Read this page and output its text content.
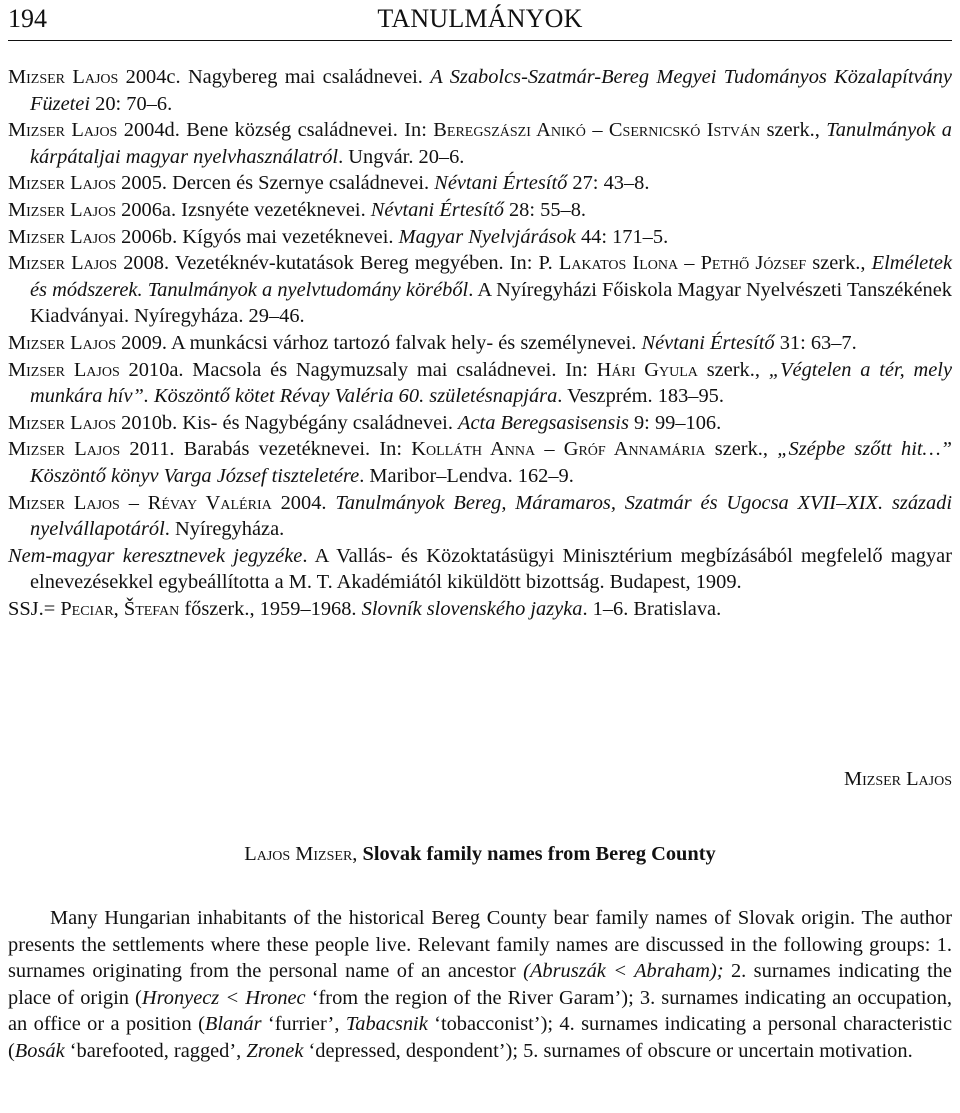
194	TANULMÁNYOK

Mizser Lajos 2004c. Nagybereg mai családnevei. A Szabolcs-Szatmár-Bereg Megyei Tudományos Közalapítvány Füzetei 20: 70–6.

Mizser Lajos 2004d. Bene község családnevei. In: Beregszászi Anikó – Csernicskó István szerk., Tanulmányok a kárpátaljai magyar nyelvhasználatról. Ungvár. 20–6.

Mizser Lajos 2005. Dercen és Szernye családnevei. Névtani Értesítő 27: 43–8.

Mizser Lajos 2006a. Izsnyéte vezetéknevei. Névtani Értesítő 28: 55–8.

Mizser Lajos 2006b. Kígyós mai vezetéknevei. Magyar Nyelvjárások 44: 171–5.

Mizser Lajos 2008. Vezetéknév-kutatások Bereg megyében. In: P. Lakatos Ilona – Pethő József szerk., Elméletek és módszerek. Tanulmányok a nyelvtudomány köréből. A Nyíregyházi Főiskola Magyar Nyelvészeti Tanszékének Kiadványai. Nyíregyháza. 29–46.

Mizser Lajos 2009. A munkácsi várhoz tartozó falvak hely- és személynevei. Névtani Értesítő 31: 63–7.

Mizser Lajos 2010a. Macsola és Nagymuzsaly mai családnevei. In: Hári Gyula szerk., „Végtelen a tér, mely munkára hív”. Köszöntő kötet Révay Valéria 60. születésnapjára. Veszprém. 183–95.

Mizser Lajos 2010b. Kis- és Nagybégány családnevei. Acta Beregsasisensis 9: 99–106.

Mizser Lajos 2011. Barabás vezetéknevei. In: Kolláth Anna – Gróf Annamária szerk., „Szépbe szőtt hit…” Köszöntő könyv Varga József tiszteletére. Maribor–Lendva. 162–9.

Mizser Lajos – Révay Valéria 2004. Tanulmányok Bereg, Máramaros, Szatmár és Ugocsa XVII–XIX. századi nyelvállapotáról. Nyíregyháza.

Nem-magyar keresztnevek jegyzéke. A Vallás- és Közoktatásügyi Minisztérium megbízásából megfelelő magyar elnevezésekkel egybeállította a M. T. Akadémiától kiküldött bizottság. Budapest, 1909.

SSJ.= Peciar, Štefan főszerk., 1959–1968. Slovník slovenského jazyka. 1–6. Bratislava.

Mizser Lajos
Lajos Mizser, Slovak family names from Bereg County

Many Hungarian inhabitants of the historical Bereg County bear family names of Slovak origin. The author presents the settlements where these people live. Relevant family names are discussed in the following groups: 1. surnames originating from the personal name of an ancestor (Abruszák < Abraham); 2. surnames indicating the place of origin (Hronyecz < Hronec ‘from the region of the River Garam’); 3. surnames indicating an occupation, an office or a position (Blanár ‘furrier’, Tabacsnik ‘tobacconist’); 4. surnames indicating a personal characteristic (Bosák ‘barefooted, ragged’, Zronek ‘depressed, despondent’); 5. surnames of obscure or uncertain motivation.
